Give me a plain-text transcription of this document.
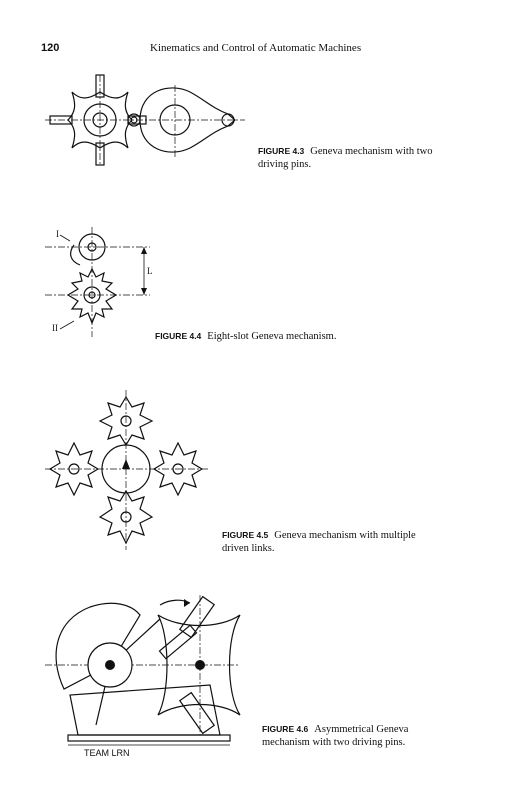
120	Kinematics and Control of Automatic Machines
FIGURE 4.3 Geneva mechanism with two
driving pins.
L
I
II
FIGURE 4.4 Eight-slot Geneva mechanism.
FIGURE 4.5 Geneva mechanism with multiple
driven links.
FIGURE 4.6 Asymmetrical Geneva
mechanism with two driving pins.
TEAM LRN
